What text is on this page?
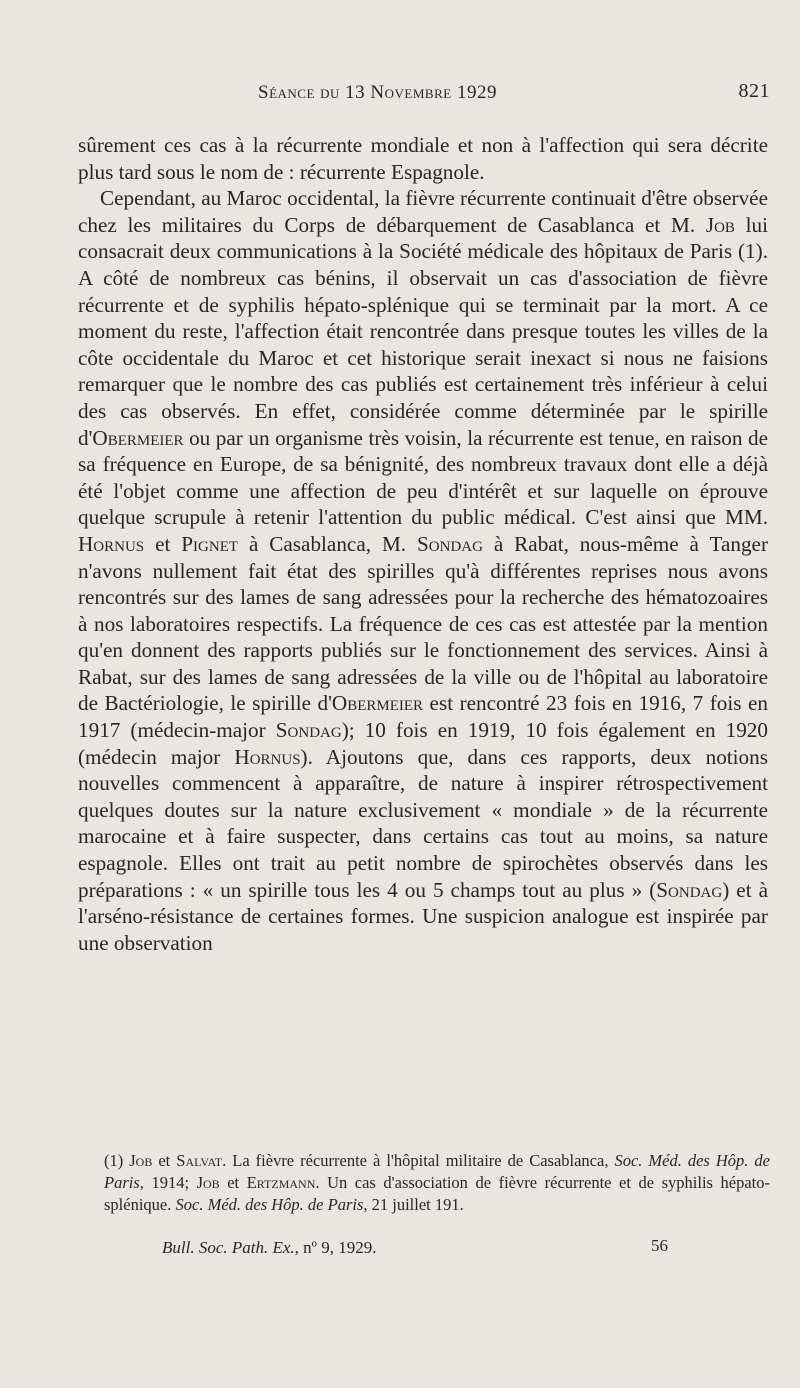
Séance du 13 Novembre 1929	821

sûrement ces cas à la récurrente mondiale et non à l'affection qui sera décrite plus tard sous le nom de : récurrente Espagnole.

Cependant, au Maroc occidental, la fièvre récurrente continuait d'être observée chez les militaires du Corps de débarquement de Casablanca et M. Job lui consacrait deux communications à la Société médicale des hôpitaux de Paris (1). A côté de nombreux cas bénins, il observait un cas d'association de fièvre récurrente et de syphilis hépato-splénique qui se terminait par la mort. A ce moment du reste, l'affection était rencontrée dans presque toutes les villes de la côte occidentale du Maroc et cet historique serait inexact si nous ne faisions remarquer que le nombre des cas publiés est certainement très inférieur à celui des cas observés. En effet, considérée comme déterminée par le spirille d'Obermeier ou par un organisme très voisin, la récurrente est tenue, en raison de sa fréquence en Europe, de sa bénignité, des nombreux travaux dont elle a déjà été l'objet comme une affection de peu d'intérêt et sur laquelle on éprouve quelque scrupule à retenir l'attention du public médical. C'est ainsi que MM. Hornus et Pignet à Casablanca, M. Sondag à Rabat, nous-même à Tanger n'avons nullement fait état des spirilles qu'à différentes reprises nous avons rencontrés sur des lames de sang adressées pour la recherche des hématozoaires à nos laboratoires respectifs. La fréquence de ces cas est attestée par la mention qu'en donnent des rapports publiés sur le fonctionnement des services. Ainsi à Rabat, sur des lames de sang adressées de la ville ou de l'hôpital au laboratoire de Bactériologie, le spirille d'Obermeier est rencontré 23 fois en 1916, 7 fois en 1917 (médecin-major Sondag); 10 fois en 1919, 10 fois également en 1920 (médecin major Hornus). Ajoutons que, dans ces rapports, deux notions nouvelles commencent à apparaître, de nature à inspirer rétrospectivement quelques doutes sur la nature exclusivement « mondiale » de la récurrente marocaine et à faire suspecter, dans certains cas tout au moins, sa nature espagnole. Elles ont trait au petit nombre de spirochètes observés dans les préparations : « un spirille tous les 4 ou 5 champs tout au plus » (Sondag) et à l'arséno-résistance de certaines formes. Une suspicion analogue est inspirée par une observation

(1) Job et Salvat. La fièvre récurrente à l'hôpital militaire de Casablanca, Soc. Méd. des Hôp. de Paris, 1914; Job et Ertzmann. Un cas d'association de fièvre récurrente et de syphilis hépato-splénique. Soc. Méd. des Hôp. de Paris, 21 juillet 191.

Bull. Soc. Path. Ex., nº 9, 1929.	56
